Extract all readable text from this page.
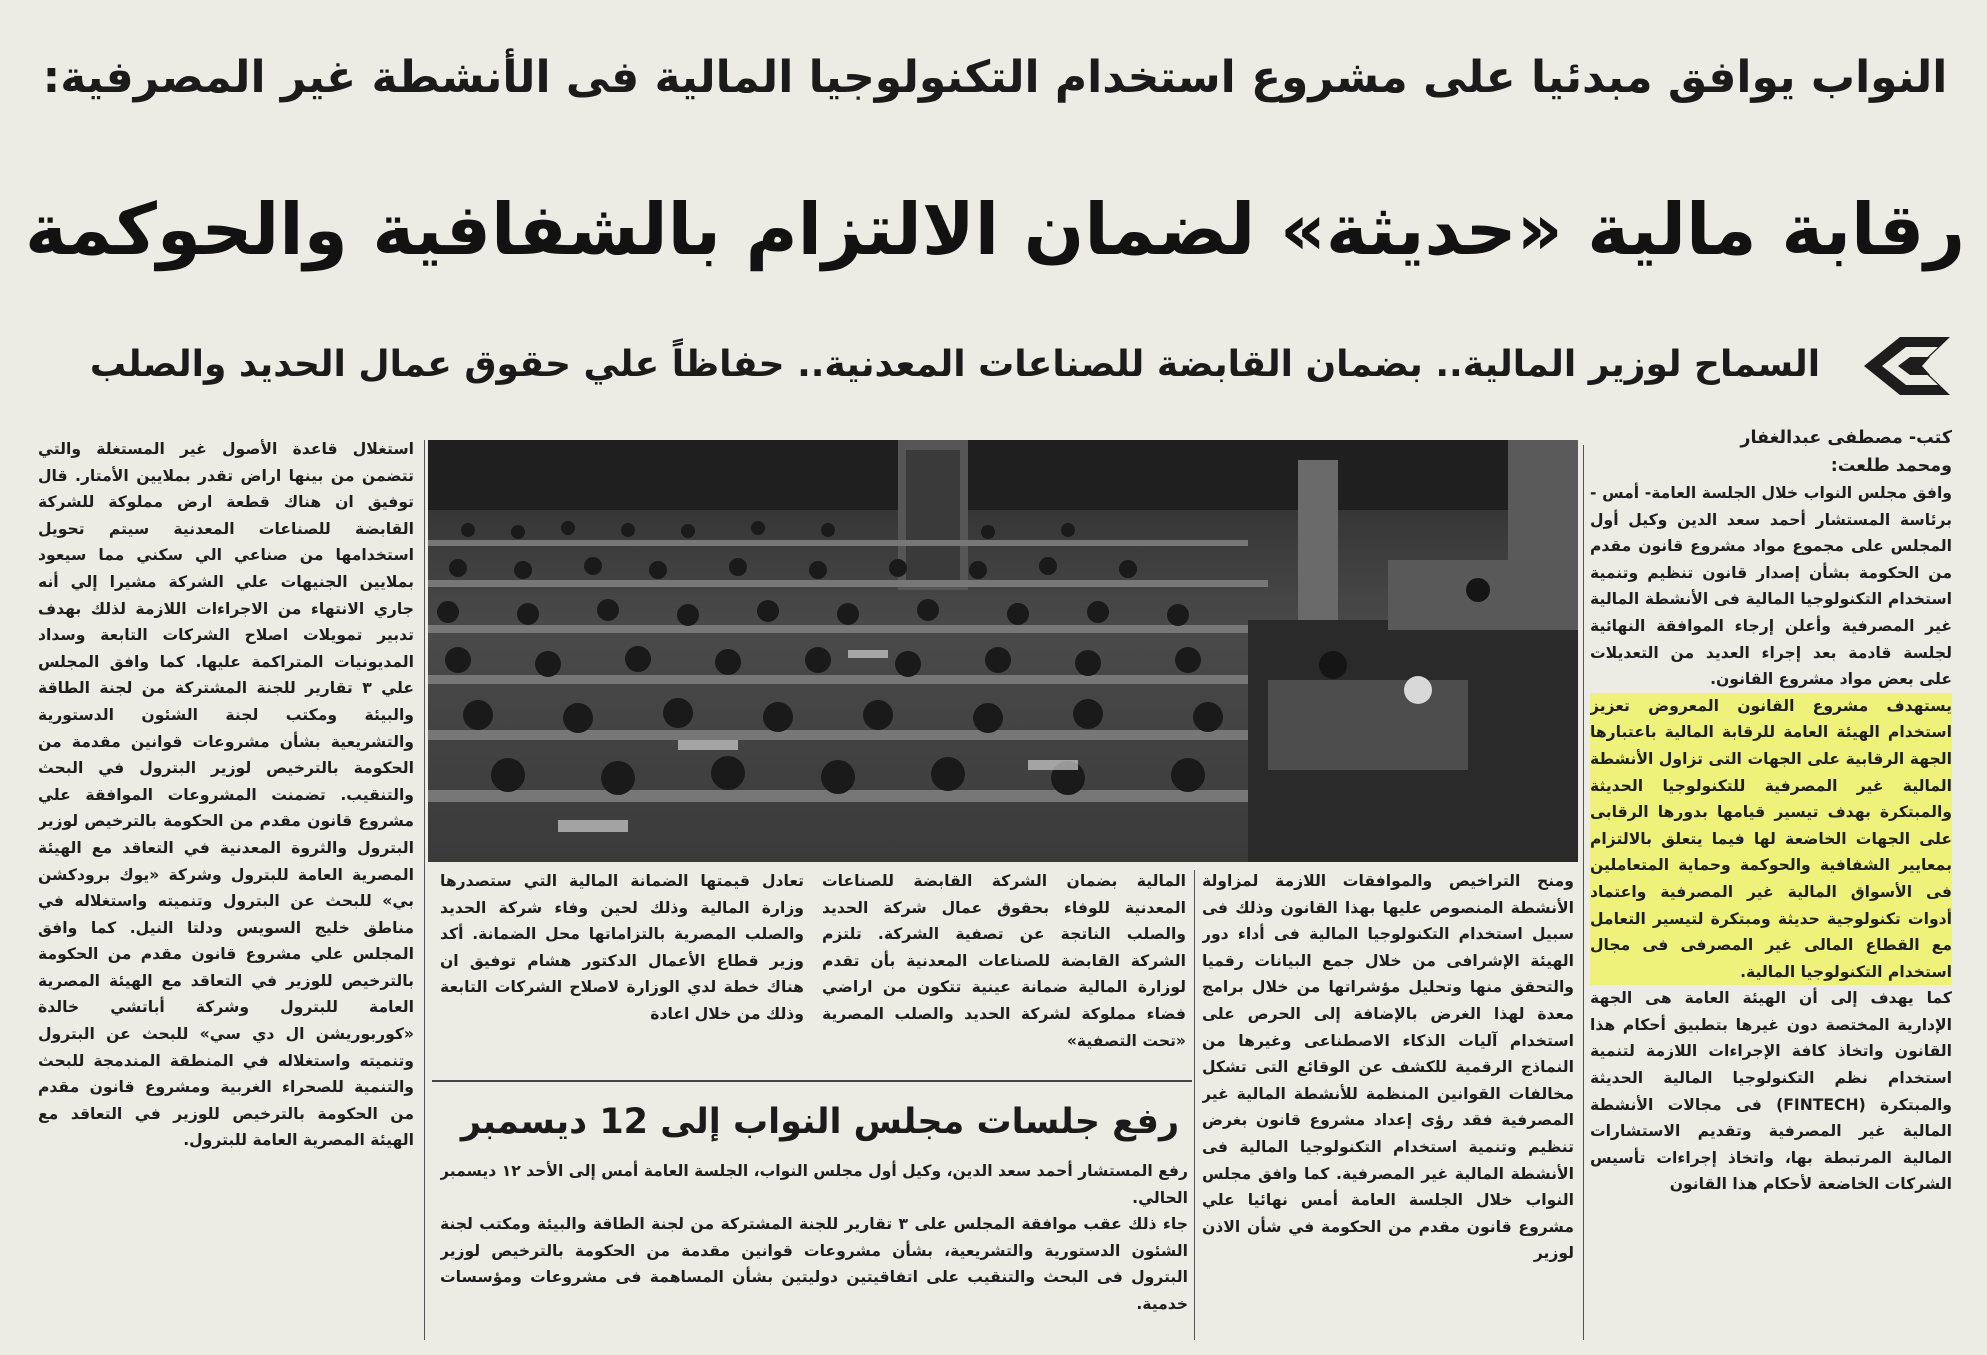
النواب يوافق مبدئيا على مشروع استخدام التكنولوجيا المالية فى الأنشطة غير المصرفية:
رقابة مالية «حديثة» لضمان الالتزام بالشفافية والحوكمة
السماح لوزير المالية.. بضمان القابضة للصناعات المعدنية.. حفاظاً علي حقوق عمال الحديد والصلب

كتب- مصطفى عبدالغفار

ومحمد طلعت:

وافق مجلس النواب خلال الجلسة العامة- أمس - برئاسة المستشار أحمد سعد الدين وكيل أول المجلس على مجموع مواد مشروع قانون مقدم من الحكومة بشأن إصدار قانون تنظيم وتنمية استخدام التكنولوجيا المالية فى الأنشطة المالية غير المصرفية وأعلن إرجاء الموافقة النهائية لجلسة قادمة بعد إجراء العديد من التعديلات على بعض مواد مشروع القانون.

يستهدف مشروع القانون المعروض تعزيز استخدام الهيئة العامة للرقابة المالية باعتبارها الجهة الرقابية على الجهات التى تزاول الأنشطة المالية غير المصرفية للتكنولوجيا الحديثة والمبتكرة بهدف تيسير قيامها بدورها الرقابى على الجهات الخاضعة لها فيما يتعلق بالالتزام بمعايير الشفافية والحوكمة وحماية المتعاملين فى الأسواق المالية غير المصرفية واعتماد أدوات تكنولوجية حديثة ومبتكرة لتيسير التعامل مع القطاع المالى غير المصرفى فى مجال استخدام التكنولوجيا المالية.

كما يهدف إلى أن الهيئة العامة هى الجهة الإدارية المختصة دون غيرها بتطبيق أحكام هذا القانون واتخاذ كافة الإجراءات اللازمة لتنمية استخدام نظم التكنولوجيا المالية الحديثة والمبتكرة (FINTECH) فى مجالات الأنشطة المالية غير المصرفية وتقديم الاستشارات المالية المرتبطة بها، واتخاذ إجراءات تأسيس الشركات الخاضعة لأحكام هذا القانون

ومنح التراخيص والموافقات اللازمة لمزاولة الأنشطة المنصوص عليها بهذا القانون وذلك فى سبيل استخدام التكنولوجيا المالية فى أداء دور الهيئة الإشرافى من خلال جمع البيانات رقميا والتحقق منها وتحليل مؤشراتها من خلال برامج معدة لهذا الغرض بالإضافة إلى الحرص على استخدام آليات الذكاء الاصطناعى وغيرها من النماذج الرقمية للكشف عن الوقائع التى تشكل مخالفات القوانين المنظمة للأنشطة المالية غير المصرفية فقد رؤى إعداد مشروع قانون بغرض تنظيم وتنمية استخدام التكنولوجيا المالية فى الأنشطة المالية غير المصرفية. كما وافق مجلس النواب خلال الجلسة العامة أمس نهائيا علي مشروع قانون مقدم من الحكومة في شأن الاذن لوزير

المالية بضمان الشركة القابضة للصناعات المعدنية للوفاء بحقوق عمال شركة الحديد والصلب الناتجة عن تصفية الشركة. تلتزم الشركة القابضة للصناعات المعدنية بأن تقدم لوزارة المالية ضمانة عينية تتكون من اراضي فضاء مملوكة لشركة الحديد والصلب المصرية «تحت التصفية»

تعادل قيمتها الضمانة المالية التي ستصدرها وزارة المالية وذلك لحين وفاء شركة الحديد والصلب المصرية بالتزاماتها محل الضمانة. أكد وزير قطاع الأعمال الدكتور هشام توفيق ان هناك خطة لدي الوزارة لاصلاح الشركات التابعة وذلك من خلال اعادة

رفع جلسات مجلس النواب إلى 12 ديسمبر

رفع المستشار أحمد سعد الدين، وكيل أول مجلس النواب، الجلسة العامة أمس إلى الأحد ١٢ ديسمبر الحالي.

جاء ذلك عقب موافقة المجلس على ٣ تقارير للجنة المشتركة من لجنة الطاقة والبيئة ومكتب لجنة الشئون الدستورية والتشريعية، بشأن مشروعات قوانين مقدمة من الحكومة بالترخيص لوزير البترول فى البحث والتنقيب على اتفاقيتين دوليتين بشأن المساهمة فى مشروعات ومؤسسات خدمية.

استغلال قاعدة الأصول غير المستغلة والتي تتضمن من بينها اراض تقدر بملايين الأمتار. قال توفيق ان هناك قطعة ارض مملوكة للشركة القابضة للصناعات المعدنية سيتم تحويل استخدامها من صناعي الي سكني مما سيعود بملايين الجنيهات علي الشركة مشيرا إلي أنه جاري الانتهاء من الاجراءات اللازمة لذلك بهدف تدبير تمويلات اصلاح الشركات التابعة وسداد المديونيات المتراكمة عليها. كما وافق المجلس علي ٣ تقارير للجنة المشتركة من لجنة الطاقة والبيئة ومكتب لجنة الشئون الدستورية والتشريعية بشأن مشروعات قوانين مقدمة من الحكومة بالترخيص لوزير البترول في البحث والتنقيب. تضمنت المشروعات الموافقة علي مشروع قانون مقدم من الحكومة بالترخيص لوزير البترول والثروة المعدنية في التعاقد مع الهيئة المصرية العامة للبترول وشركة «يوك برودكشن بي» للبحث عن البترول وتنميته واستغلاله في مناطق خليج السويس ودلتا النيل. كما وافق المجلس علي مشروع قانون مقدم من الحكومة بالترخيص للوزير في التعاقد مع الهيئة المصرية العامة للبترول وشركة أباتشي خالدة «كوربوريشن ال دي سي» للبحث عن البترول وتنميته واستغلاله في المنطقة المندمجة للبحث والتنمية للصحراء الغربية ومشروع قانون مقدم من الحكومة بالترخيص للوزير في التعاقد مع الهيئة المصرية العامة للبترول.
